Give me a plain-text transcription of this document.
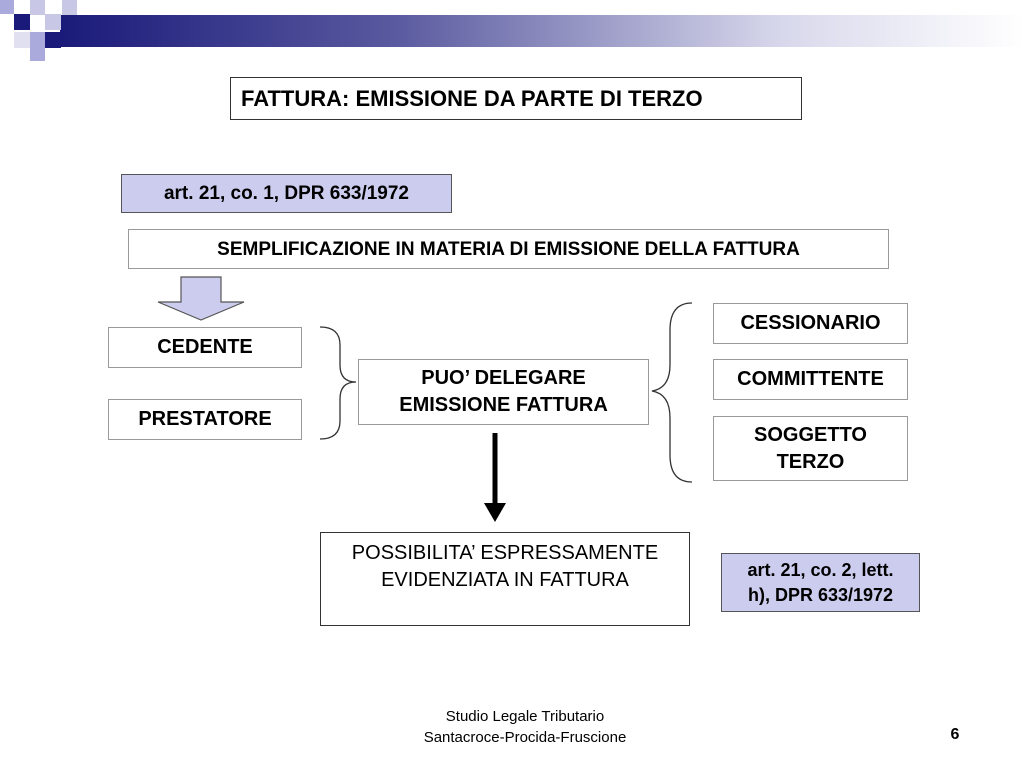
FATTURA: EMISSIONE DA PARTE DI TERZO
art. 21, co. 1, DPR 633/1972
SEMPLIFICAZIONE IN MATERIA DI EMISSIONE DELLA FATTURA
CEDENTE
PRESTATORE
PUO’ DELEGARE
EMISSIONE FATTURA
CESSIONARIO
COMMITTENTE
SOGGETTO
TERZO
POSSIBILITA’ ESPRESSAMENTE
EVIDENZIATA IN FATTURA	art. 21, co. 2, lett.
h), DPR 633/1972
Studio Legale Tributario
Santacroce-Procida-Fruscione	6
